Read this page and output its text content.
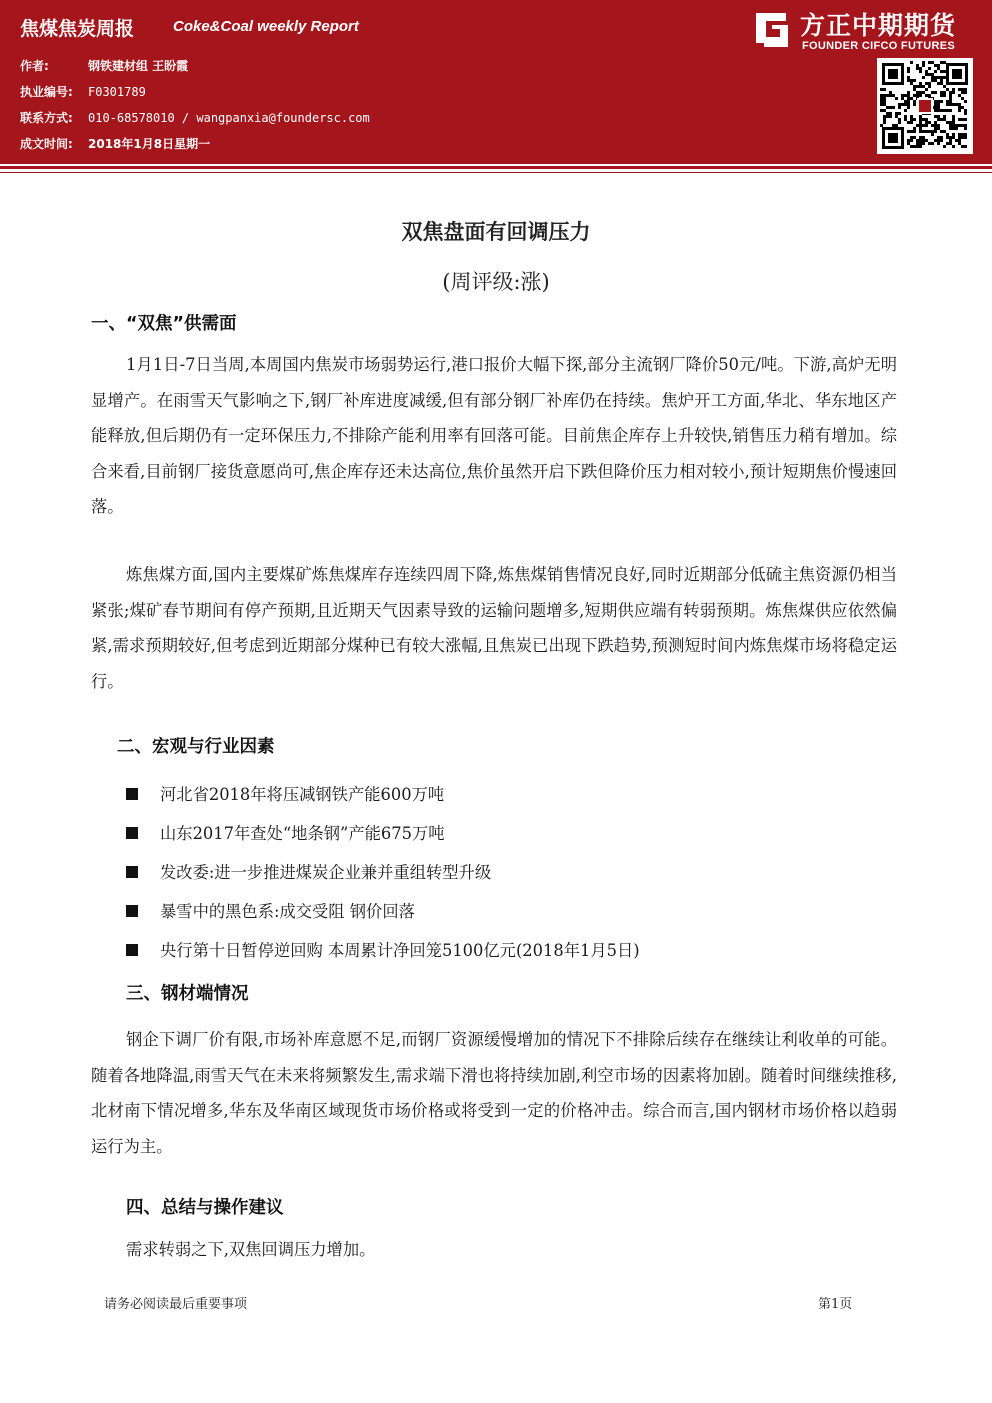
焦煤焦炭周报	Coke&Coal weekly Report
作者:	钢铁建材组 王盼霞
执业编号: F0301789
联系方式: 010-68578010 / wangpanxia@foundersc.com
成文时间: 2018年1月8日星期一
方正中期期货
FOUNDER CIFCO FUTURES
双焦盘面有回调压力
(周评级:涨)
一、“双焦”供需面

1月1日-7日当周,本周国内焦炭市场弱势运行,港口报价大幅下探,部分主流钢厂降价50元/吨。下游,高炉无明显增产。在雨雪天气影响之下,钢厂补库进度减缓,但有部分钢厂补库仍在持续。焦炉开工方面,华北、华东地区产能释放,但后期仍有一定环保压力,不排除产能利用率有回落可能。目前焦企库存上升较快,销售压力稍有增加。综合来看,目前钢厂接货意愿尚可,焦企库存还未达高位,焦价虽然开启下跌但降价压力相对较小,预计短期焦价慢速回落。

炼焦煤方面,国内主要煤矿炼焦煤库存连续四周下降,炼焦煤销售情况良好,同时近期部分低硫主焦资源仍相当紧张;煤矿春节期间有停产预期,且近期天气因素导致的运输问题增多,短期供应端有转弱预期。炼焦煤供应依然偏紧,需求预期较好,但考虑到近期部分煤种已有较大涨幅,且焦炭已出现下跌趋势,预测短时间内炼焦煤市场将稳定运行。

二、宏观与行业因素
河北省2018年将压减钢铁产能600万吨
山东2017年查处“地条钢”产能675万吨
发改委:进一步推进煤炭企业兼并重组转型升级
暴雪中的黑色系:成交受阻 钢价回落
央行第十日暂停逆回购 本周累计净回笼5100亿元(2018年1月5日)
三、钢材端情况

钢企下调厂价有限,市场补库意愿不足,而钢厂资源缓慢增加的情况下不排除后续存在继续让利收单的可能。随着各地降温,雨雪天气在未来将频繁发生,需求端下滑也将持续加剧,利空市场的因素将加剧。随着时间继续推移,北材南下情况增多,华东及华南区域现货市场价格或将受到一定的价格冲击。综合而言,国内钢材市场价格以趋弱运行为主。

四、总结与操作建议

需求转弱之下,双焦回调压力增加。

请务必阅读最后重要事项	第1页
